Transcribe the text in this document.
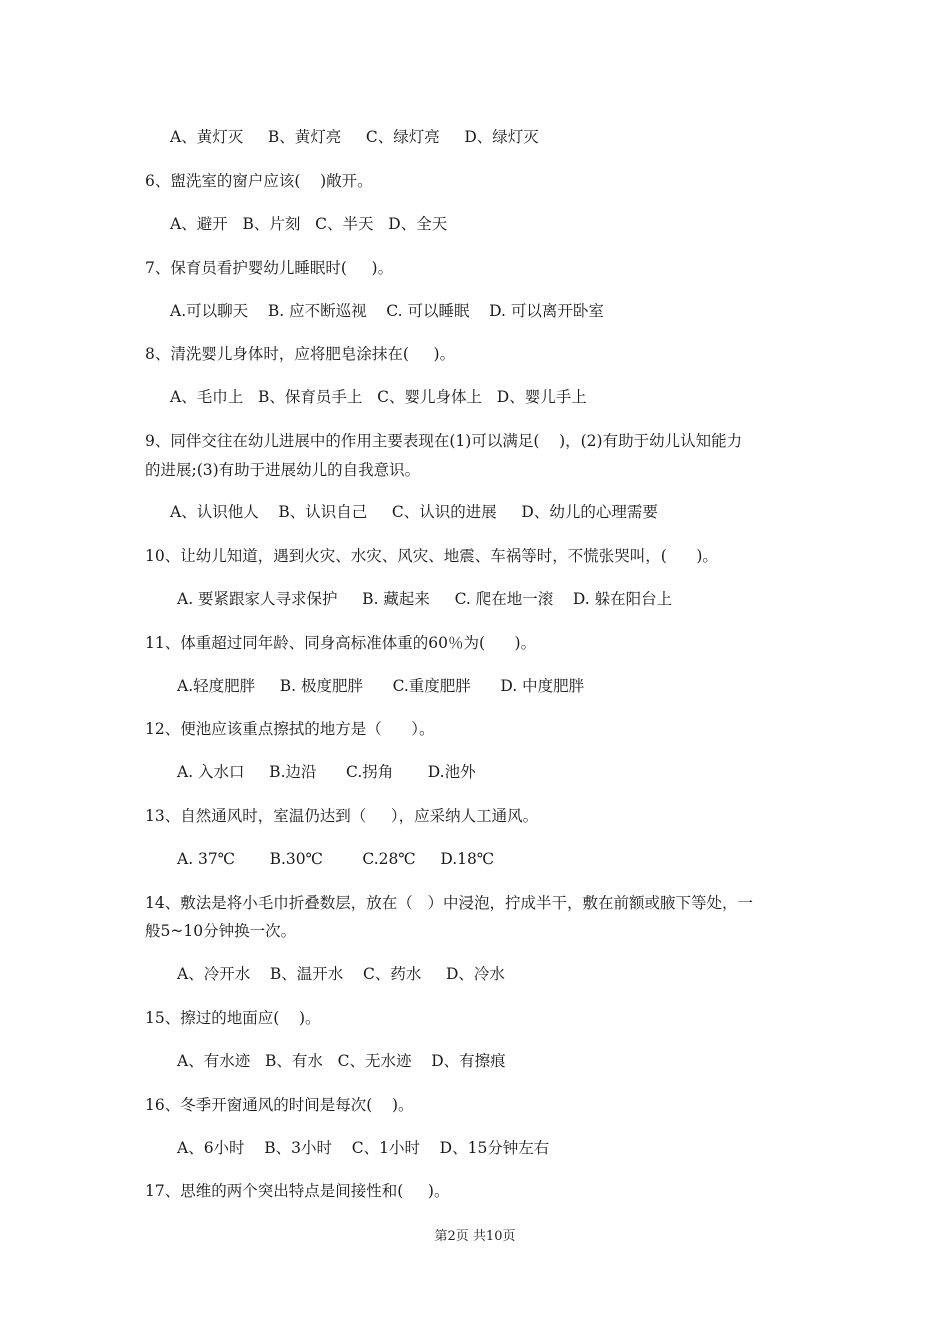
A、黄灯灭     B、黄灯亮     C、绿灯亮     D、绿灯灭
6、盥洗室的窗户应该(    )敞开。
A、避开   B、片刻   C、半天   D、全天
7、保育员看护婴幼儿睡眠时(     )。
A.可以聊天    B. 应不断巡视    C. 可以睡眠    D. 可以离开卧室
8、清洗婴儿身体时，应将肥皂涂抹在(     )。
A、毛巾上   B、保育员手上   C、婴儿身体上   D、婴儿手上
9、同伴交往在幼儿进展中的作用主要表现在(1)可以满足(    )，(2)有助于幼儿认知能力
的进展;(3)有助于进展幼儿的自我意识。
A、认识他人    B、认识自己     C、认识的进展     D、幼儿的心理需要
10、让幼儿知道，遇到火灾、水灾、风灾、地震、车祸等时，不慌张哭叫，(      )。
A. 要紧跟家人寻求保护     B. 藏起来     C. 爬在地一滚    D. 躲在阳台上
11、体重超过同年龄、同身高标准体重的60％为(      )。
A.轻度肥胖     B. 极度肥胖      C.重度肥胖      D. 中度肥胖
12、便池应该重点擦拭的地方是（      ）。
A. 入水口     B.边沿      C.拐角       D.池外
13、自然通风时，室温仍达到（     ），应采纳人工通风。
A. 37℃       B.30℃        C.28℃     D.18℃
14、敷法是将小毛巾折叠数层，放在（   ）中浸泡，拧成半干，敷在前额或腋下等处，一
般5~10分钟换一次。
A、冷开水    B、温开水    C、药水     D、冷水
15、擦过的地面应(    )。
A、有水迹   B、有水   C、无水迹    D、有擦痕
16、冬季开窗通风的时间是每次(    )。
A、6小时    B、3小时    C、1小时    D、15分钟左右
17、思维的两个突出特点是间接性和(     )。
第2页 共10页
